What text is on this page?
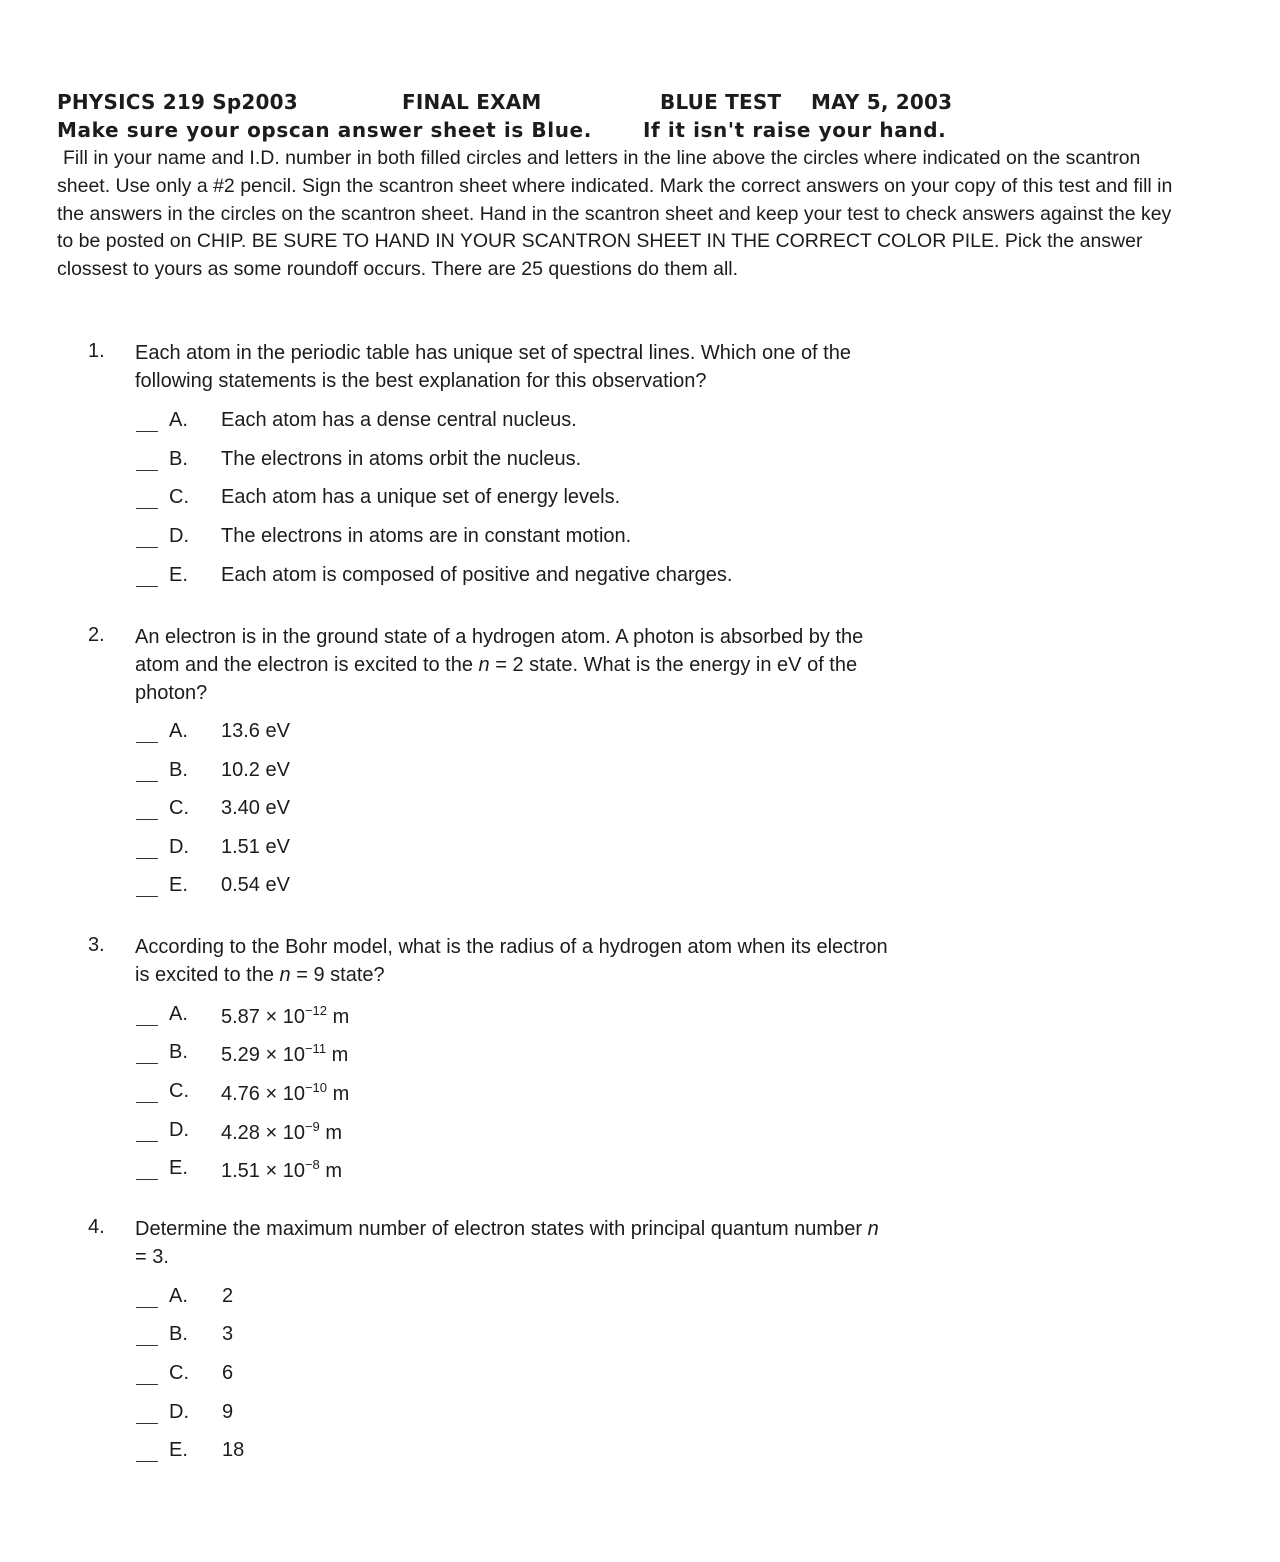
PHYSICS 219 Sp2003	FINAL EXAM	BLUE TEST MAY 5, 2003
Make sure your opscan answer sheet is Blue.	If it isn't raise your hand.

Fill in your name and I.D. number in both filled circles and letters in the line above the circles where indicated on the scantron sheet. Use only a #2 pencil. Sign the scantron sheet where indicated. Mark the correct answers on your copy of this test and fill in the answers in the circles on the scantron sheet. Hand in the scantron sheet and keep your test to check answers against the key to be posted on CHIP. BE SURE TO HAND IN YOUR SCANTRON SHEET IN THE CORRECT COLOR PILE. Pick the answer clossest to yours as some roundoff occurs. There are 25 questions do them all.

1. Each atom in the periodic table has unique set of spectral lines. Which one of the
following statements is the best explanation for this observation?

A. Each atom has a dense central nucleus.
B. The electrons in atoms orbit the nucleus.
C. Each atom has a unique set of energy levels.
D. The electrons in atoms are in constant motion.
E. Each atom is composed of positive and negative charges.
2. An electron is in the ground state of a hydrogen atom. A photon is absorbed by the
atom and the electron is excited to the n = 2 state. What is the energy in eV of the
photon?

A. 13.6 eV
B. 10.2 eV
C. 3.40 eV
D. 1.51 eV
E. 0.54 eV
3. According to the Bohr model, what is the radius of a hydrogen atom when its electron
is excited to the n = 9 state?

A. $5.87 \times 10^{-12}$ m
B. $5.29 \times 10^{-11}$ m
C. $4.76 \times 10^{-10}$ m
D. $4.28 \times 10^{-9}$ m
E. $1.51 \times 10^{-8}$ m
4. Determine the maximum number of electron states with principal quantum number n
= 3.

A. 2
B. 3
C. 6
D. 9
E. 18
